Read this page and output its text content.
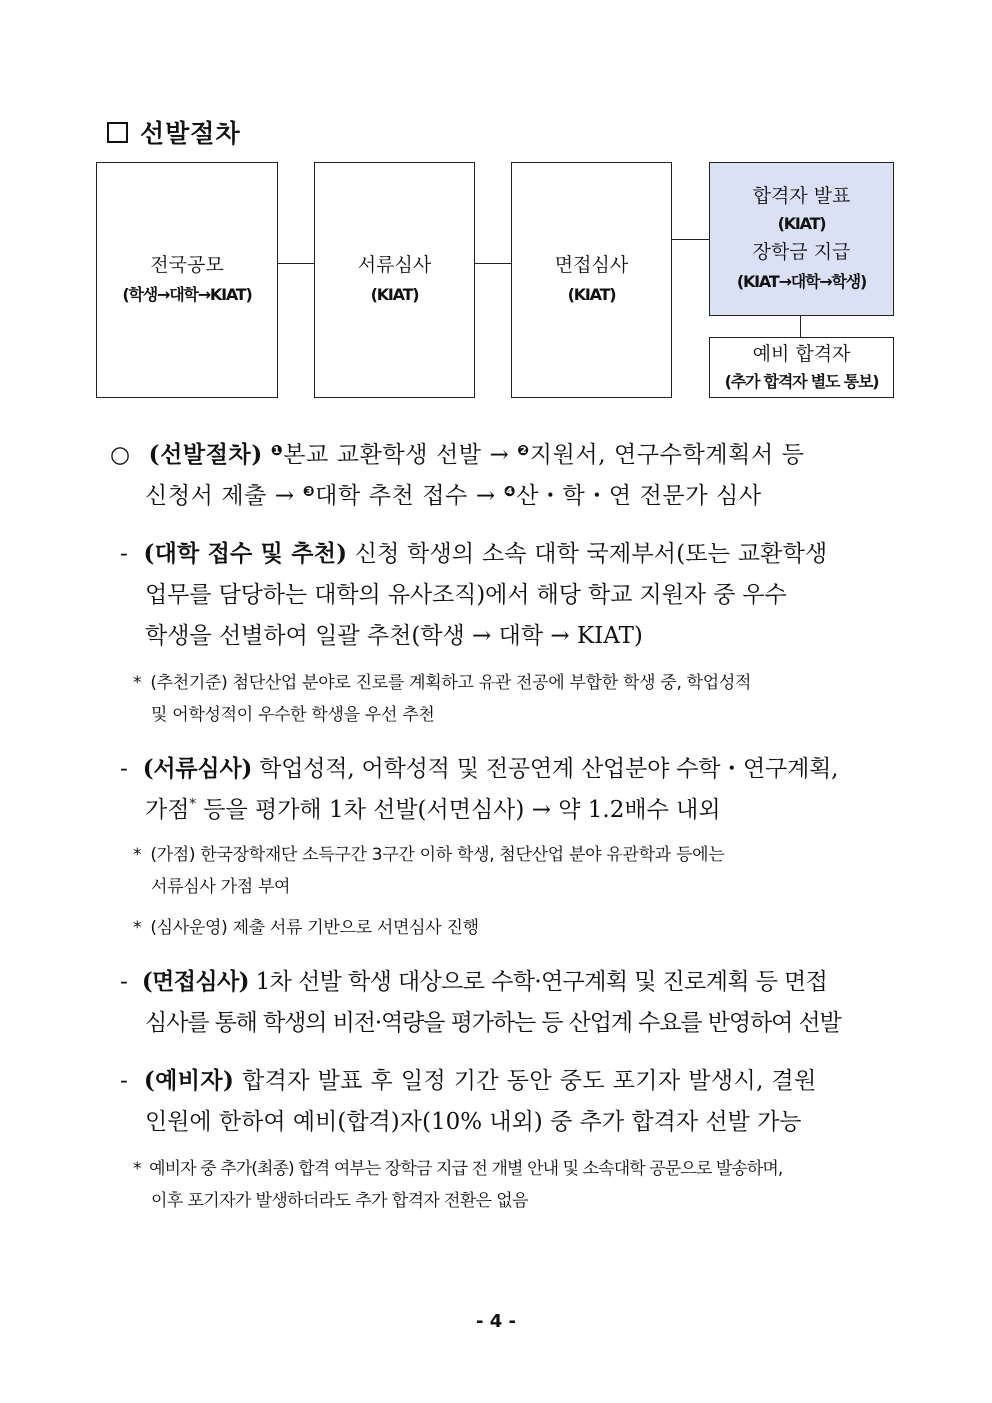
선발절차
전국공모
(학생→대학→KIAT)
서류심사
(KIAT)
면접심사
(KIAT)
합격자 발표
(KIAT)
장학금 지급
(KIAT→대학→학생)
예비 합격자
(추가 합격자 별도 통보)
○ (선발절차) $^❶$본교 교환학생 선발 → $^❷$지원서, 연구수학계획서 등
신청서 제출 → $^❸$대학 추천 접수 → $^❹$산・학・연 전문가 심사
- (대학 접수 및 추천) 신청 학생의 소속 대학 국제부서(또는 교환학생
업무를 담당하는 대학의 유사조직)에서 해당 학교 지원자 중 우수
학생을 선별하여 일괄 추천(학생 → 대학 → KIAT)
* (추천기준) 첨단산업 분야로 진로를 계획하고 유관 전공에 부합한 학생 중, 학업성적
및 어학성적이 우수한 학생을 우선 추천
- (서류심사) 학업성적, 어학성적 및 전공연계 산업분야 수학・연구계획,
가점* 등을 평가해 1차 선발(서면심사) → 약 1.2배수 내외
* (가점) 한국장학재단 소득구간 3구간 이하 학생, 첨단산업 분야 유관학과 등에는
서류심사 가점 부여
* (심사운영) 제출 서류 기반으로 서면심사 진행
- (면접심사) 1차 선발 학생 대상으로 수학·연구계획 및 진로계획 등 면접
심사를 통해 학생의 비전·역량을 평가하는 등 산업계 수요를 반영하여 선발
- (예비자) 합격자 발표 후 일정 기간 동안 중도 포기자 발생시, 결원
인원에 한하여 예비(합격)자(10% 내외) 중 추가 합격자 선발 가능
* 예비자 중 추가(최종) 합격 여부는 장학금 지급 전 개별 안내 및 소속대학 공문으로 발송하며,
이후 포기자가 발생하더라도 추가 합격자 전환은 없음
- 4 -
